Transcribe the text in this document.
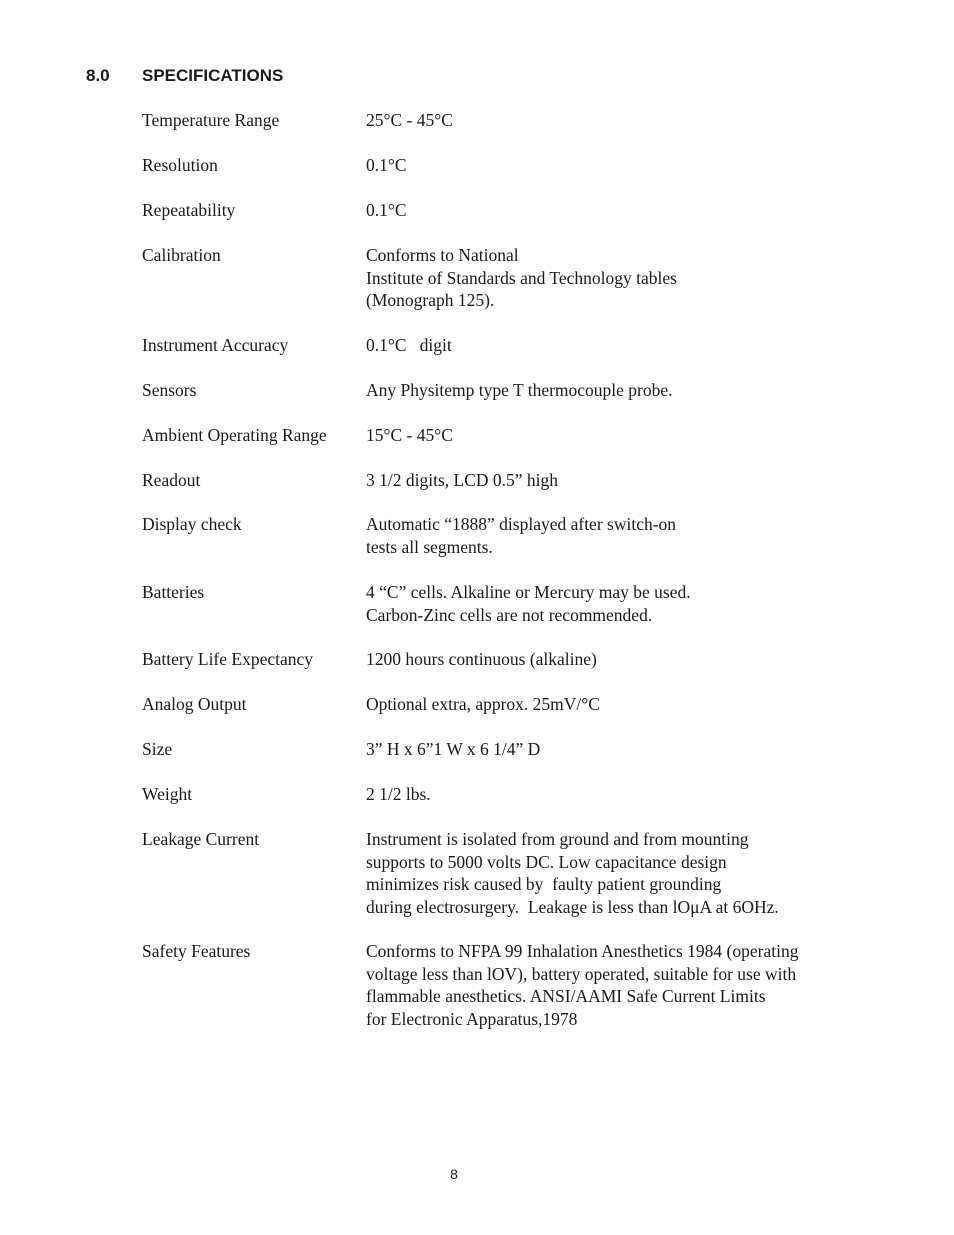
8.0 SPECIFICATIONS
Temperature Range	25°C - 45°C
Resolution	0.1°C
Repeatability	0.1°C
Calibration	Conforms to National
Institute of Standards and Technology tables
(Monograph 125).
Instrument Accuracy	0.1°C   digit
Sensors	Any Physitemp type T thermocouple probe.
Ambient Operating Range 15°C - 45°C
Readout	3 1/2 digits, LCD 0.5” high
Display check	Automatic “1888” displayed after switch-on
tests all segments.
Batteries	4 “C” cells. Alkaline or Mercury may be used.
Carbon-Zinc cells are not recommended.
Battery Life Expectancy	1200 hours continuous (alkaline)
Analog Output	Optional extra, approx. 25mV/°C
Size	3” H x 6”1 W x 6 1/4” D
Weight	2 1/2 lbs.
Leakage Current	Instrument is isolated from ground and from mounting
supports to 5000 volts DC. Low capacitance design
minimizes risk caused by  faulty patient grounding
during electrosurgery.  Leakage is less than lOμA at 6OHz.
Safety Features	Conforms to NFPA 99 Inhalation Anesthetics 1984 (operating
voltage less than lOV), battery operated, suitable for use with
flammable anesthetics. ANSI/AAMI Safe Current Limits
for Electronic Apparatus,1978
8
